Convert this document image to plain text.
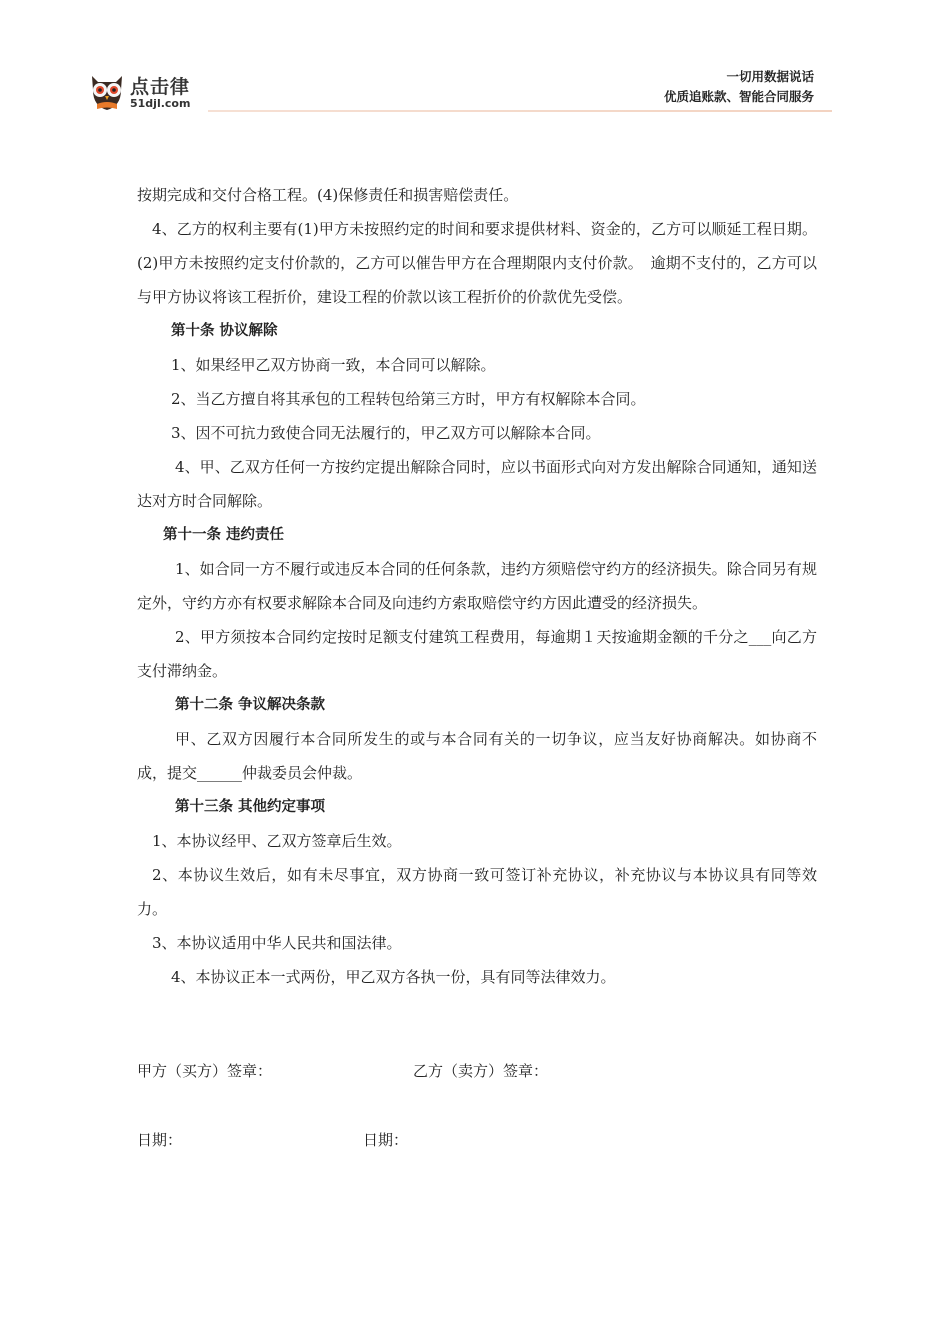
点击律
51djl.com
一切用数据说话
优质追账款、智能合同服务

按期完成和交付合格工程。(4)保修责任和损害赔偿责任。

4、乙方的权利主要有(1)甲方未按照约定的时间和要求提供材料、资金的，乙方可以顺延工程日期。(2)甲方未按照约定支付价款的，乙方可以催告甲方在合理期限内支付价款。　逾期不支付的，乙方可以与甲方协议将该工程折价，建设工程的价款以该工程折价的价款优先受偿。

第十条 协议解除

1、如果经甲乙双方协商一致，本合同可以解除。

2、当乙方擅自将其承包的工程转包给第三方时，甲方有权解除本合同。

3、因不可抗力致使合同无法履行的，甲乙双方可以解除本合同。

4、甲、乙双方任何一方按约定提出解除合同时，应以书面形式向对方发出解除合同通知，通知送达对方时合同解除。

第十一条 违约责任

1、如合同一方不履行或违反本合同的任何条款，违约方须赔偿守约方的经济损失。除合同另有规定外，守约方亦有权要求解除本合同及向违约方索取赔偿守约方因此遭受的经济损失。

2、甲方须按本合同约定按时足额支付建筑工程费用，每逾期１天按逾期金额的千分之___向乙方支付滞纳金。

第十二条 争议解决条款

甲、乙双方因履行本合同所发生的或与本合同有关的一切争议，应当友好协商解决。如协商不成，提交______仲裁委员会仲裁。

第十三条 其他约定事项

1、本协议经甲、乙双方签章后生效。

2、本协议生效后，如有未尽事宜，双方协商一致可签订补充协议，补充协议与本协议具有同等效力。

3、本协议适用中华人民共和国法律。

4、本协议正本一式两份，甲乙双方各执一份，具有同等法律效力。

甲方（买方）签章：	乙方（卖方）签章：
日期：	日期：
